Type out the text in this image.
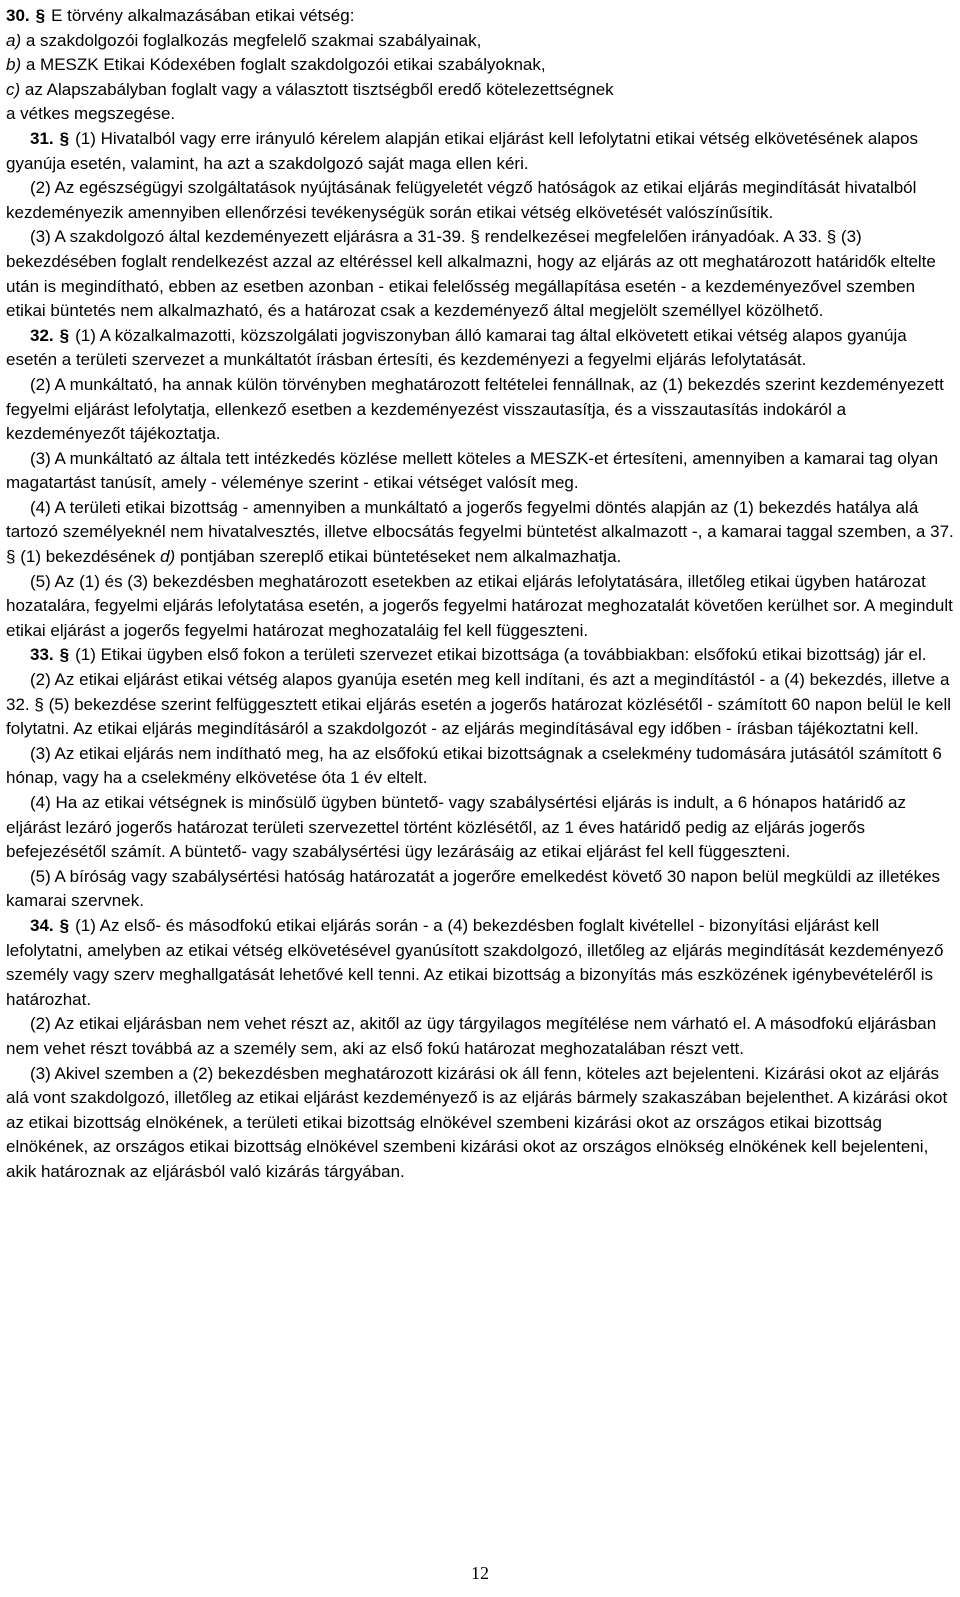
30. § E törvény alkalmazásában etikai vétség:

a) a szakdolgozói foglalkozás megfelelő szakmai szabályainak,

b) a MESZK Etikai Kódexében foglalt szakdolgozói etikai szabályoknak,

c) az Alapszabályban foglalt vagy a választott tisztségből eredő kötelezettségnek

a vétkes megszegése.

31. § (1) Hivatalból vagy erre irányuló kérelem alapján etikai eljárást kell lefolytatni etikai vétség elkövetésének alapos gyanúja esetén, valamint, ha azt a szakdolgozó saját maga ellen kéri.

(2) Az egészségügyi szolgáltatások nyújtásának felügyeletét végző hatóságok az etikai eljárás megindítását hivatalból kezdeményezik amennyiben ellenőrzési tevékenységük során etikai vétség elkövetését valószínűsítik.

(3) A szakdolgozó által kezdeményezett eljárásra a 31-39. § rendelkezései megfelelően irányadóak. A 33. § (3) bekezdésében foglalt rendelkezést azzal az eltéréssel kell alkalmazni, hogy az eljárás az ott meghatározott határidők eltelte után is megindítható, ebben az esetben azonban - etikai felelősség megállapítása esetén - a kezdeményezővel szemben etikai büntetés nem alkalmazható, és a határozat csak a kezdeményező által megjelölt személlyel közölhető.

32. § (1) A közalkalmazotti, közszolgálati jogviszonyban álló kamarai tag által elkövetett etikai vétség alapos gyanúja esetén a területi szervezet a munkáltatót írásban értesíti, és kezdeményezi a fegyelmi eljárás lefolytatását.

(2) A munkáltató, ha annak külön törvényben meghatározott feltételei fennállnak, az (1) bekezdés szerint kezdeményezett fegyelmi eljárást lefolytatja, ellenkező esetben a kezdeményezést visszautasítja, és a visszautasítás indokáról a kezdeményezőt tájékoztatja.

(3) A munkáltató az általa tett intézkedés közlése mellett köteles a MESZK-et értesíteni, amennyiben a kamarai tag olyan magatartást tanúsít, amely - véleménye szerint - etikai vétséget valósít meg.

(4) A területi etikai bizottság - amennyiben a munkáltató a jogerős fegyelmi döntés alapján az (1) bekezdés hatálya alá tartozó személyeknél nem hivatalvesztés, illetve elbocsátás fegyelmi büntetést alkalmazott -, a kamarai taggal szemben, a 37. § (1) bekezdésének d) pontjában szereplő etikai büntetéseket nem alkalmazhatja.

(5) Az (1) és (3) bekezdésben meghatározott esetekben az etikai eljárás lefolytatására, illetőleg etikai ügyben határozat hozatalára, fegyelmi eljárás lefolytatása esetén, a jogerős fegyelmi határozat meghozatalát követően kerülhet sor. A megindult etikai eljárást a jogerős fegyelmi határozat meghozataláig fel kell függeszteni.

33. § (1) Etikai ügyben első fokon a területi szervezet etikai bizottsága (a továbbiakban: elsőfokú etikai bizottság) jár el.

(2) Az etikai eljárást etikai vétség alapos gyanúja esetén meg kell indítani, és azt a megindítástól - a (4) bekezdés, illetve a 32. § (5) bekezdése szerint felfüggesztett etikai eljárás esetén a jogerős határozat közlésétől - számított 60 napon belül le kell folytatni. Az etikai eljárás megindításáról a szakdolgozót - az eljárás megindításával egy időben - írásban tájékoztatni kell.

(3) Az etikai eljárás nem indítható meg, ha az elsőfokú etikai bizottságnak a cselekmény tudomására jutásától számított 6 hónap, vagy ha a cselekmény elkövetése óta 1 év eltelt.

(4) Ha az etikai vétségnek is minősülő ügyben büntető- vagy szabálysértési eljárás is indult, a 6 hónapos határidő az eljárást lezáró jogerős határozat területi szervezettel történt közlésétől, az 1 éves határidő pedig az eljárás jogerős befejezésétől számít. A büntető- vagy szabálysértési ügy lezárásáig az etikai eljárást fel kell függeszteni.

(5) A bíróság vagy szabálysértési hatóság határozatát a jogerőre emelkedést követő 30 napon belül megküldi az illetékes kamarai szervnek.

34. § (1) Az első- és másodfokú etikai eljárás során - a (4) bekezdésben foglalt kivétellel - bizonyítási eljárást kell lefolytatni, amelyben az etikai vétség elkövetésével gyanúsított szakdolgozó, illetőleg az eljárás megindítását kezdeményező személy vagy szerv meghallgatását lehetővé kell tenni. Az etikai bizottság a bizonyítás más eszközének igénybevételéről is határozhat.

(2) Az etikai eljárásban nem vehet részt az, akitől az ügy tárgyilagos megítélése nem várható el. A másodfokú eljárásban nem vehet részt továbbá az a személy sem, aki az első fokú határozat meghozatalában részt vett.

(3) Akivel szemben a (2) bekezdésben meghatározott kizárási ok áll fenn, köteles azt bejelenteni. Kizárási okot az eljárás alá vont szakdolgozó, illetőleg az etikai eljárást kezdeményező is az eljárás bármely szakaszában bejelenthet. A kizárási okot az etikai bizottság elnökének, a területi etikai bizottság elnökével szembeni kizárási okot az országos etikai bizottság elnökének, az országos etikai bizottság elnökével szembeni kizárási okot az országos elnökség elnökének kell bejelenteni, akik határoznak az eljárásból való kizárás tárgyában.

12
